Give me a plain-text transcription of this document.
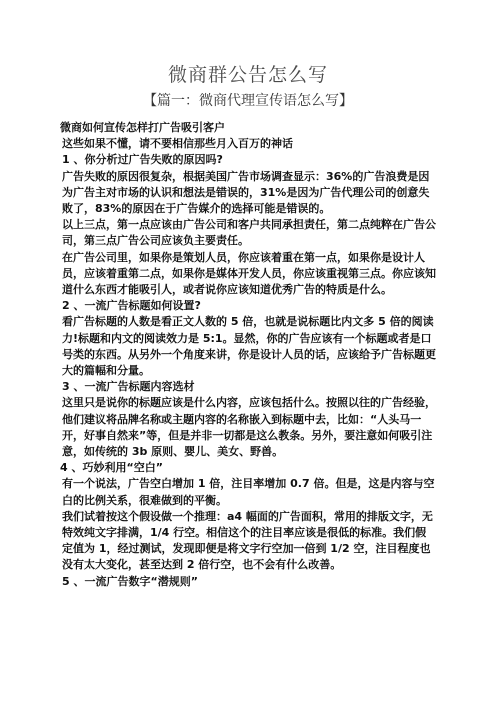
微商群公告怎么写
【篇一：微商代理宣传语怎么写】

微商如何宣传怎样打广告吸引客户

这些如果不懂，请不要相信那些月入百万的神话

1 、你分析过广告失败的原因吗?

广告失败的原因很复杂，根据美国广告市场调查显示：36%的广告浪费是因为广告主对市场的认识和想法是错误的，31%是因为广告代理公司的创意失败了，83%的原因在于广告媒介的选择可能是错误的。

以上三点，第一点应该由广告公司和客户共同承担责任，第二点纯粹在广告公司，第三点广告公司应该负主要责任。

在广告公司里，如果你是策划人员，你应该着重在第一点，如果你是设计人员，应该着重第二点，如果你是媒体开发人员，你应该重视第三点。你应该知道什么东西才能吸引人，或者说你应该知道优秀广告的特质是什么。

2 、一流广告标题如何设置?

看广告标题的人数是看正文人数的 5 倍，也就是说标题比内文多 5 倍的阅读力!标题和内文的阅读效力是 5:1。显然，你的广告应该有一个标题或者是口号类的东西。从另外一个角度来讲，你是设计人员的话，应该给予广告标题更大的篇幅和分量。

3 、一流广告标题内容选材

这里只是说你的标题应该是什么内容，应该包括什么。按照以往的广告经验，他们建议将品牌名称或主题内容的名称嵌入到标题中去，比如：“人头马一开，好事自然来”等，但是并非一切都是这么教条。另外，要注意如何吸引注意，如传统的 3b 原则、婴儿、美女、野兽。

4 、巧妙利用“空白”

有一个说法，广告空白增加 1 倍，注目率增加 0.7 倍。但是，这是内容与空白的比例关系，很难做到的平衡。

我们试着按这个假设做一个推理：a4 幅面的广告面积，常用的排版文字，无特效纯文字排满，1/4 行空。相信这个的注目率应该是很低的标准。我们假定值为 1，经过测试，发现即便是将文字行空加一倍到 1/2 空，注目程度也没有太大变化，甚至达到 2 倍行空，也不会有什么改善。

5 、一流广告数字“潜规则”
